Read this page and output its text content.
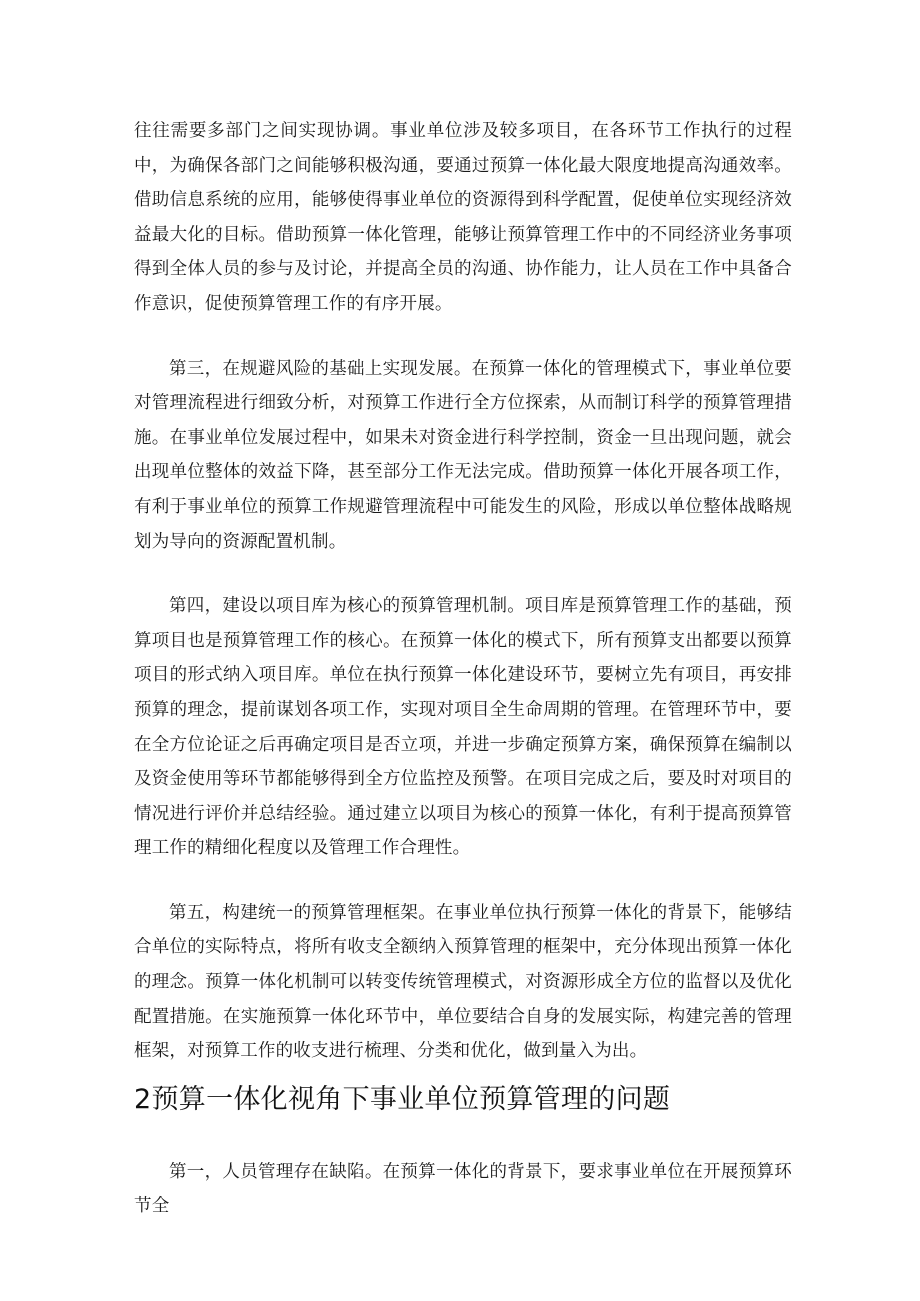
往往需要多部门之间实现协调。事业单位涉及较多项目，在各环节工作执行的过程中，为确保各部门之间能够积极沟通，要通过预算一体化最大限度地提高沟通效率。借助信息系统的应用，能够使得事业单位的资源得到科学配置，促使单位实现经济效益最大化的目标。借助预算一体化管理，能够让预算管理工作中的不同经济业务事项得到全体人员的参与及讨论，并提高全员的沟通、协作能力，让人员在工作中具备合作意识，促使预算管理工作的有序开展。

第三，在规避风险的基础上实现发展。在预算一体化的管理模式下，事业单位要对管理流程进行细致分析，对预算工作进行全方位探索，从而制订科学的预算管理措施。在事业单位发展过程中，如果未对资金进行科学控制，资金一旦出现问题，就会出现单位整体的效益下降，甚至部分工作无法完成。借助预算一体化开展各项工作，有利于事业单位的预算工作规避管理流程中可能发生的风险，形成以单位整体战略规划为导向的资源配置机制。

第四，建设以项目库为核心的预算管理机制。项目库是预算管理工作的基础，预算项目也是预算管理工作的核心。在预算一体化的模式下，所有预算支出都要以预算项目的形式纳入项目库。单位在执行预算一体化建设环节，要树立先有项目，再安排预算的理念，提前谋划各项工作，实现对项目全生命周期的管理。在管理环节中，要在全方位论证之后再确定项目是否立项，并进一步确定预算方案，确保预算在编制以及资金使用等环节都能够得到全方位监控及预警。在项目完成之后，要及时对项目的情况进行评价并总结经验。通过建立以项目为核心的预算一体化，有利于提高预算管理工作的精细化程度以及管理工作合理性。

第五，构建统一的预算管理框架。在事业单位执行预算一体化的背景下，能够结合单位的实际特点，将所有收支全额纳入预算管理的框架中，充分体现出预算一体化的理念。预算一体化机制可以转变传统管理模式，对资源形成全方位的监督以及优化配置措施。在实施预算一体化环节中，单位要结合自身的发展实际，构建完善的管理框架，对预算工作的收支进行梳理、分类和优化，做到量入为出。

2预算一体化视角下事业单位预算管理的问题

第一，人员管理存在缺陷。在预算一体化的背景下，要求事业单位在开展预算环节全
